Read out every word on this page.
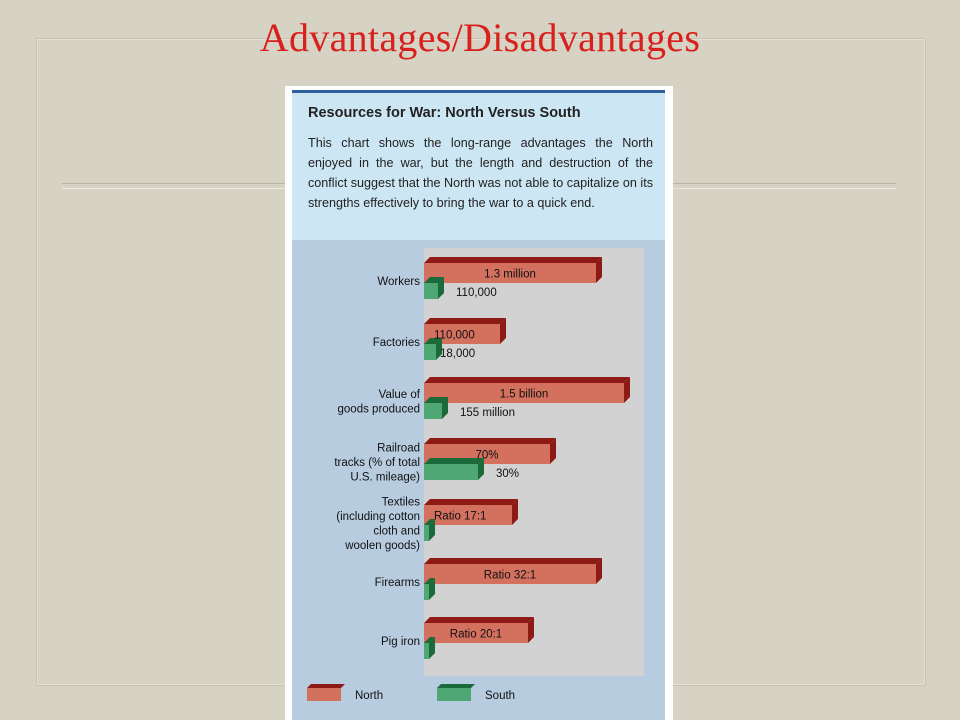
Advantages/Disadvantages
Resources for War: North Versus South
This chart shows the long-range advantages the North enjoyed in the war, but the length and destruction of the conflict suggest that the North was not able to capitalize on its strengths effectively to bring the war to a quick end.
1.3 million
110,000
Workers
110,000
18,000
Factories
1.5 billion
155 million
Value of
goods produced
70%
30%
Railroad
tracks (% of total
U.S. mileage)
Ratio 17:1
Textiles
(including cotton
cloth and
woolen goods)
Ratio 32:1
Firearms
Ratio 20:1
Pig iron
North	South
